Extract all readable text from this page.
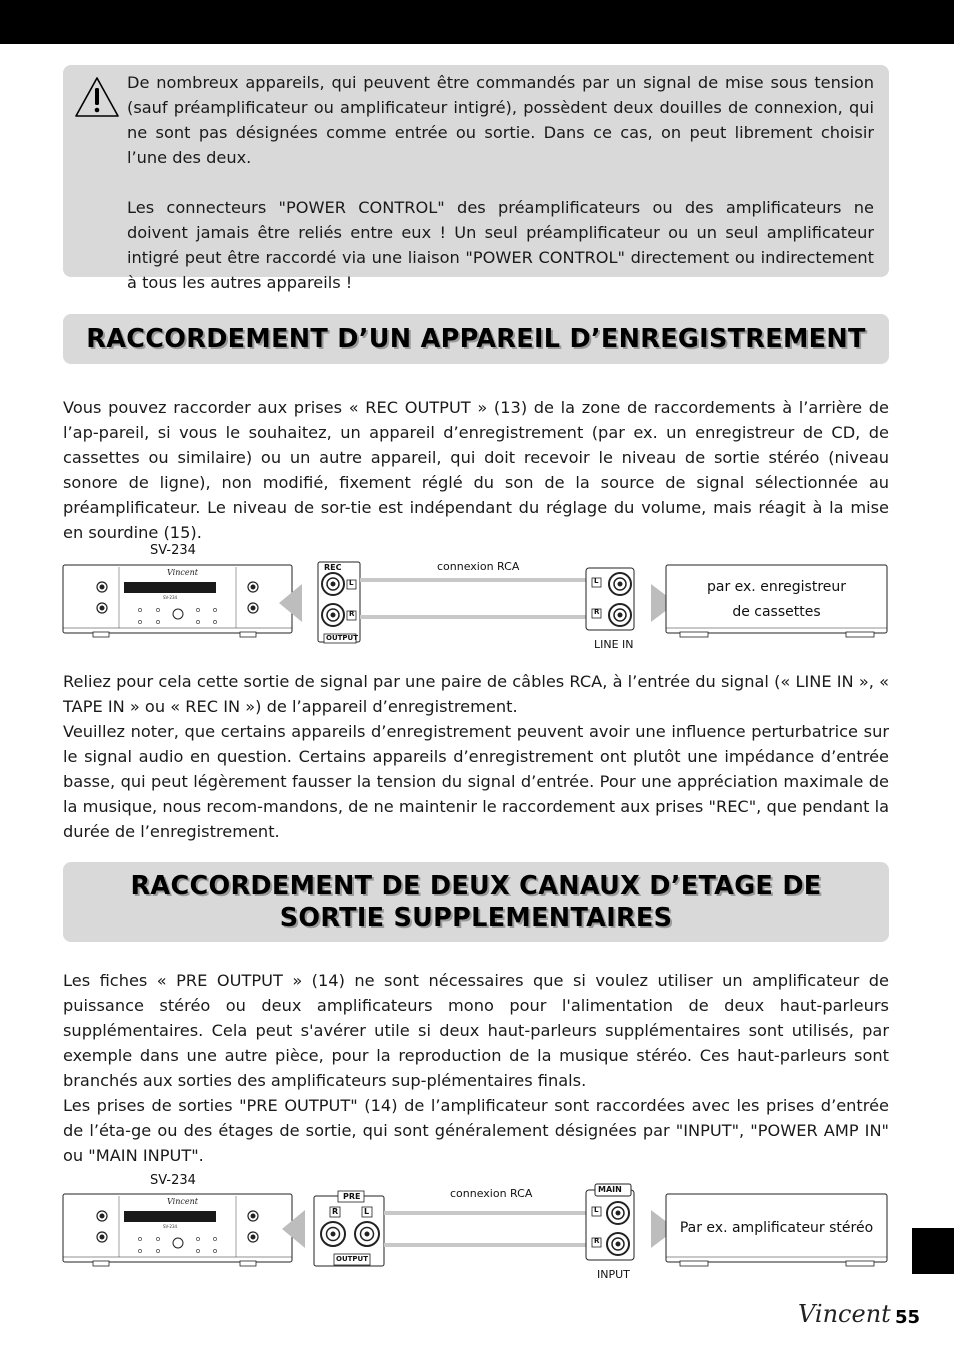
De nombreux appareils, qui peuvent être commandés par un signal de mise sous tension (sauf préamplificateur ou amplificateur intigré), possèdent deux douilles de connexion, qui ne sont pas désignées comme entrée ou sortie. Dans ce cas, on peut librement choisir l’une des deux.

Les connecteurs "POWER CONTROL" des préamplificateurs ou des amplificateurs ne doivent jamais être reliés entre eux ! Un seul préamplificateur ou un seul amplificateur intigré peut être raccordé via une liaison "POWER CONTROL" directement ou indirectement à tous les autres appareils !

RACCORDEMENT D’UN APPAREIL D’ENREGISTREMENT

Vous pouvez raccorder aux prises « REC OUTPUT » (13) de la zone de raccordements à l’arrière de l’ap-pareil, si vous le souhaitez, un appareil d’enregistrement (par ex. un enregistreur de CD, de cassettes ou similaire) ou un autre appareil, qui doit recevoir le niveau de sortie stéréo (niveau sonore de ligne), non modifié, fixement réglé du son de la source de signal sélectionnée au préamplificateur. Le niveau de sor-tie est indépendant du réglage du volume, mais réagit à la mise en sourdine (15).

Vincent
SV-234
SV-234
REC
OUTPUT
L
R
L
R
connexion RCA
LINE IN
par ex. enregistreur
de cassettes

Reliez pour cela cette sortie de signal par une paire de câbles RCA, à l’entrée du signal (« LINE IN », « TAPE IN » ou « REC IN ») de l’appareil d’enregistrement.

Veuillez noter, que certains appareils d’enregistrement peuvent avoir une influence perturbatrice sur le signal audio en question. Certains appareils d’enregistrement ont plutôt une impédance d’entrée basse, qui peut légèrement fausser la tension du signal d’entrée. Pour une appréciation maximale de la musique, nous recom-mandons, de ne maintenir le raccordement aux prises "REC", que pendant la durée de l’enregistrement.

RACCORDEMENT DE DEUX CANAUX D’ETAGE DE
SORTIE SUPPLEMENTAIRES

Les fiches « PRE OUTPUT » (14) ne sont nécessaires que si voulez utiliser un amplificateur de puissance stéréo ou deux amplificateurs mono pour l'alimentation de deux haut-parleurs supplémentaires. Cela peut s'avérer utile si deux haut-parleurs supplémentaires sont utilisés, par exemple dans une autre pièce, pour la reproduction de la musique stéréo. Ces haut-parleurs sont branchés aux sorties des amplificateurs sup-plémentaires finals.

Les prises de sorties "PRE OUTPUT" (14) de l’amplificateur sont raccordées avec les prises d’entrée de l’éta-ge ou des étages de sortie, qui sont généralement désignées par "INPUT", "POWER AMP IN" ou "MAIN INPUT".

Vincent
SV-234
SV-234
PRE
OUTPUT
R	L
MAIN
L
R
connexion RCA
INPUT
Par ex. amplificateur stéréo
Vincent 55
